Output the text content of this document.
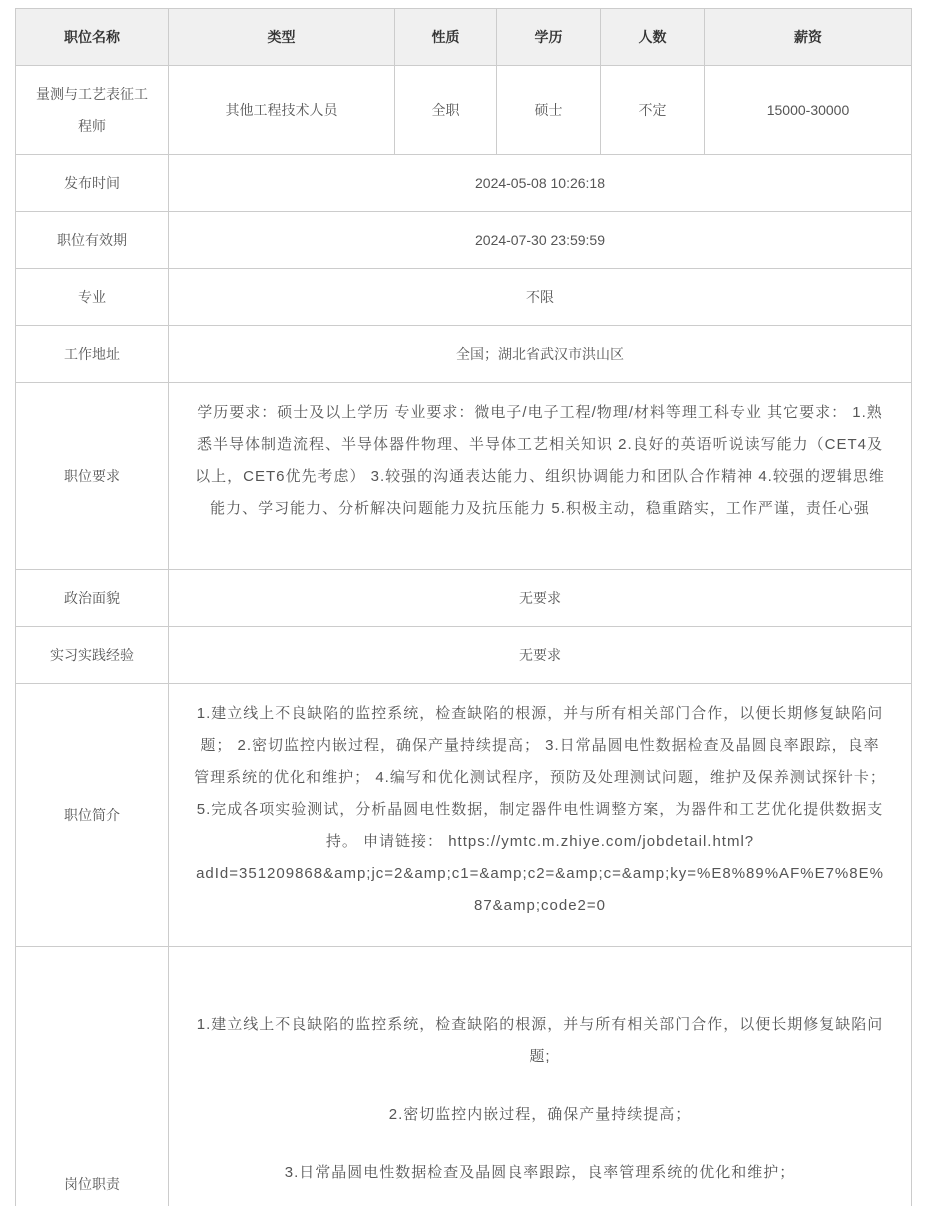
职位名称	类型	性质	学历	人数	薪资
量测与工艺表征工程师	其他工程技术人员	全职	硕士	不定	15000-30000
发布时间	2024-05-08 10:26:18				
职位有效期	2024-07-30 23:59:59				
专业	不限				
工作地址	全国；湖北省武汉市洪山区				
职位要求	学历要求：硕士及以上学历 专业要求：微电子/电子工程/物理/材料等理工科专业 其它要求： 1.熟悉半导体制造流程、半导体器件物理、半导体工艺相关知识 2.良好的英语听说读写能力（CET4及以上，CET6优先考虑） 3.较强的沟通表达能力、组织协调能力和团队合作精神 4.较强的逻辑思维能力、学习能力、分析解决问题能力及抗压能力 5.积极主动，稳重踏实，工作严谨，责任心强				
政治面貌	无要求				
实习实践经验	无要求				
职位简介	1.建立线上不良缺陷的监控系统，检查缺陷的根源，并与所有相关部门合作，以便长期修复缺陷问题； 2.密切监控内嵌过程，确保产量持续提高； 3.日常晶圆电性数据检查及晶圆良率跟踪，良率管理系统的优化和维护； 4.编写和优化测试程序，预防及处理测试问题，维护及保养测试探针卡； 5.完成各项实验测试，分析晶圆电性数据，制定器件电性调整方案，为器件和工艺优化提供数据支持。 申请链接： https://ymtc.m.zhiye.com/jobdetail.html?adId=351209868&amp;jc=2&amp;c1=&amp;c2=&amp;c=&amp;ky=%E8%89%AF%E7%8E%87&amp;code2=0				
岗位职责	1.建立线上不良缺陷的监控系统，检查缺陷的根源，并与所有相关部门合作，以便长期修复缺陷问题;

2.密切监控内嵌过程，确保产量持续提高；

3.日常晶圆电性数据检查及晶圆良率跟踪，良率管理系统的优化和维护；				
